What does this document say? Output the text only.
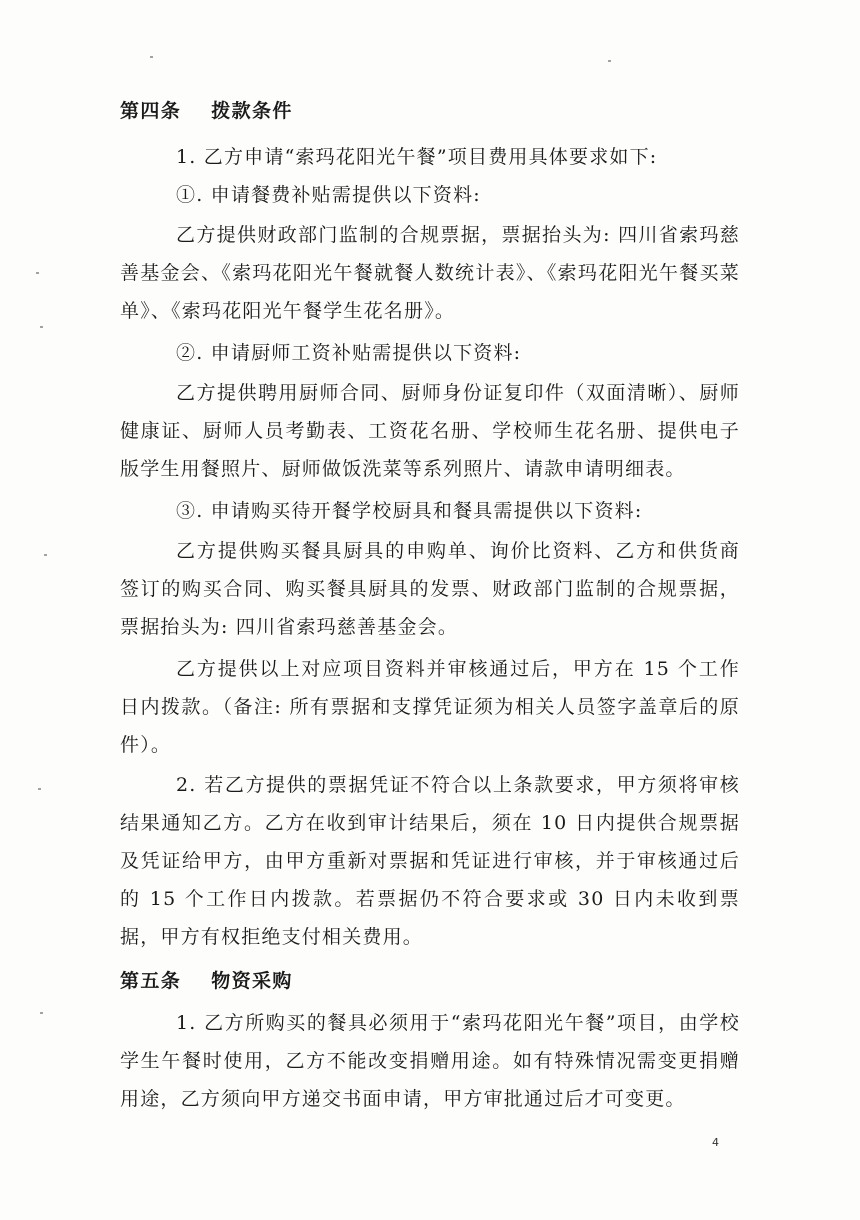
第四条 拨款条件
1. 乙方申请“索玛花阳光午餐”项目费用具体要求如下:
①. 申请餐费补贴需提供以下资料:

乙方提供财政部门监制的合规票据，票据抬头为: 四川省索玛慈善基金会、《索玛花阳光午餐就餐人数统计表》、《索玛花阳光午餐买菜单》、《索玛花阳光午餐学生花名册》。

②. 申请厨师工资补贴需提供以下资料:

乙方提供聘用厨师合同、厨师身份证复印件（双面清晰）、厨师健康证、厨师人员考勤表、工资花名册、学校师生花名册、提供电子版学生用餐照片、厨师做饭洗菜等系列照片、请款申请明细表。

③. 申请购买待开餐学校厨具和餐具需提供以下资料:

乙方提供购买餐具厨具的申购单、询价比资料、乙方和供货商签订的购买合同、购买餐具厨具的发票、财政部门监制的合规票据，票据抬头为: 四川省索玛慈善基金会。

乙方提供以上对应项目资料并审核通过后，甲方在 15 个工作日内拨款。（备注: 所有票据和支撑凭证须为相关人员签字盖章后的原件）。

2. 若乙方提供的票据凭证不符合以上条款要求，甲方须将审核结果通知乙方。乙方在收到审计结果后，须在 10 日内提供合规票据及凭证给甲方，由甲方重新对票据和凭证进行审核，并于审核通过后的 15 个工作日内拨款。若票据仍不符合要求或 30 日内未收到票据，甲方有权拒绝支付相关费用。

第五条 物资采购

1. 乙方所购买的餐具必须用于“索玛花阳光午餐”项目，由学校学生午餐时使用，乙方不能改变捐赠用途。如有特殊情况需变更捐赠用途，乙方须向甲方递交书面申请，甲方审批通过后才可变更。

4
